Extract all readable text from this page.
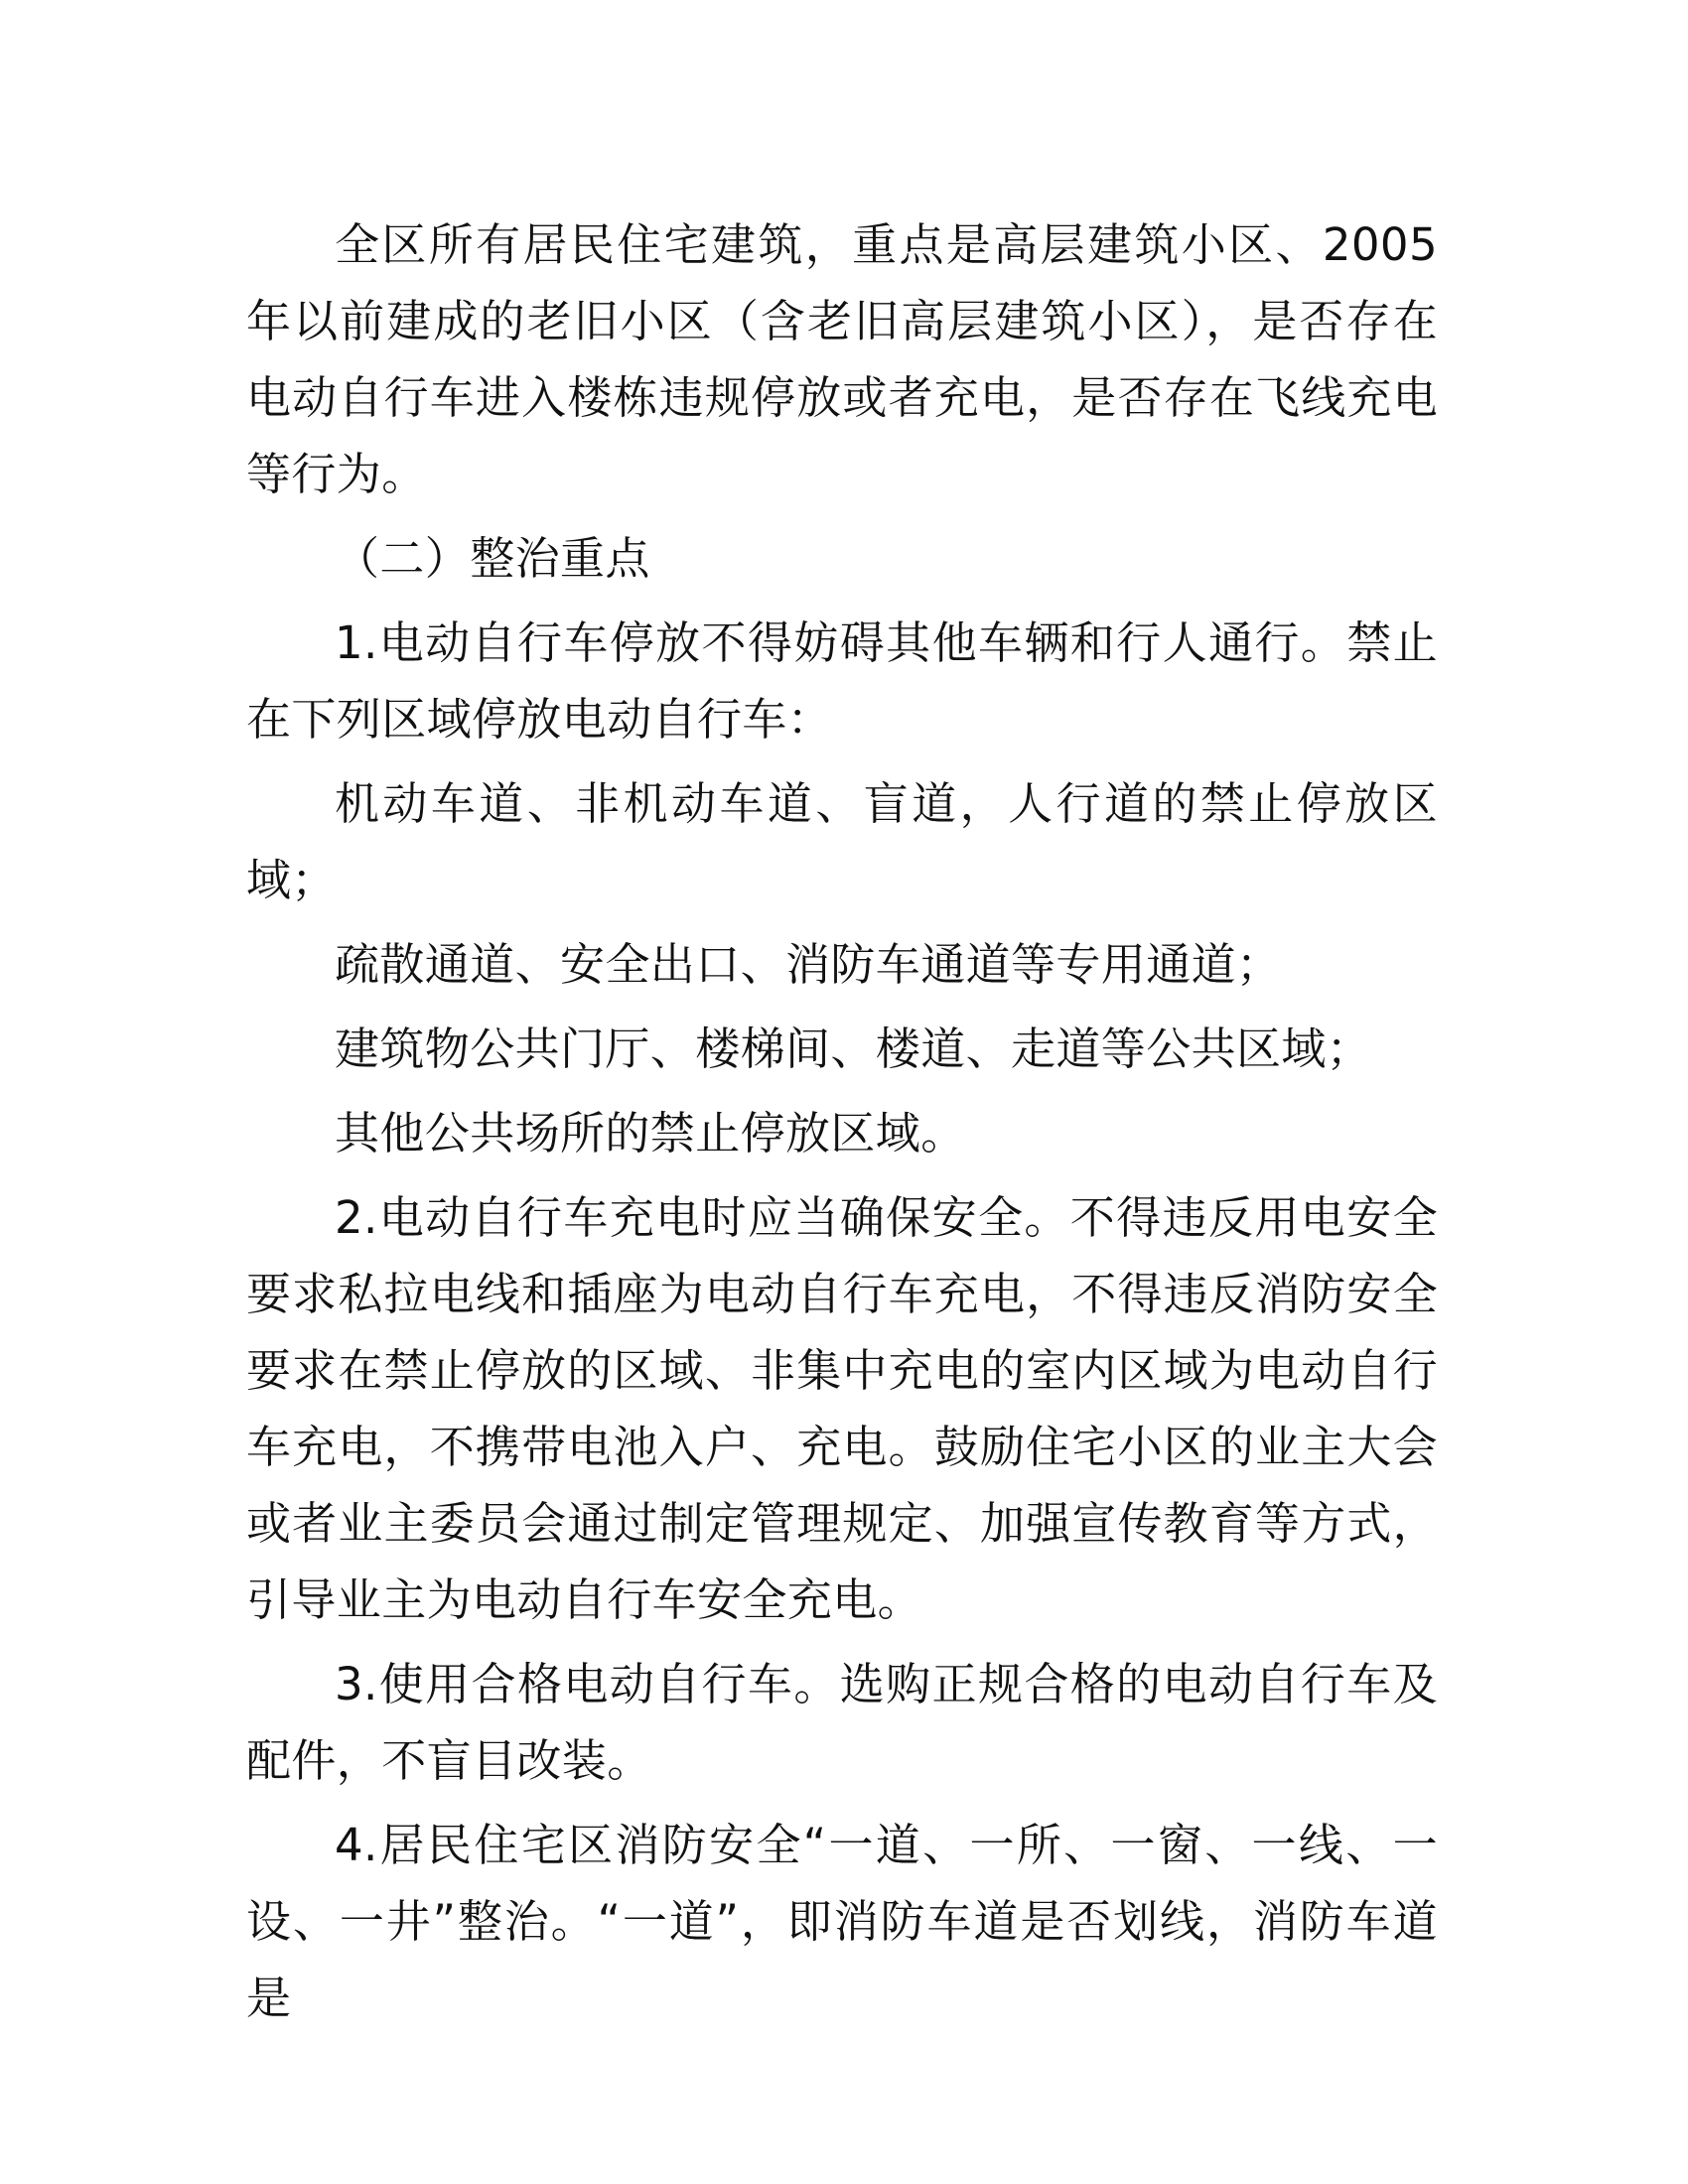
全区所有居民住宅建筑，重点是高层建筑小区、2005年以前建成的老旧小区（含老旧高层建筑小区），是否存在电动自行车进入楼栋违规停放或者充电，是否存在飞线充电等行为。

（二）整治重点

1.电动自行车停放不得妨碍其他车辆和行人通行。禁止在下列区域停放电动自行车：

机动车道、非机动车道、盲道，人行道的禁止停放区域；

疏散通道、安全出口、消防车通道等专用通道；

建筑物公共门厅、楼梯间、楼道、走道等公共区域；

其他公共场所的禁止停放区域。

2.电动自行车充电时应当确保安全。不得违反用电安全要求私拉电线和插座为电动自行车充电，不得违反消防安全要求在禁止停放的区域、非集中充电的室内区域为电动自行车充电，不携带电池入户、充电。鼓励住宅小区的业主大会或者业主委员会通过制定管理规定、加强宣传教育等方式，引导业主为电动自行车安全充电。

3.使用合格电动自行车。选购正规合格的电动自行车及配件，不盲目改装。

4.居民住宅区消防安全“一道、一所、一窗、一线、一设、一井”整治。“一道”，即消防车道是否划线，消防车道是
